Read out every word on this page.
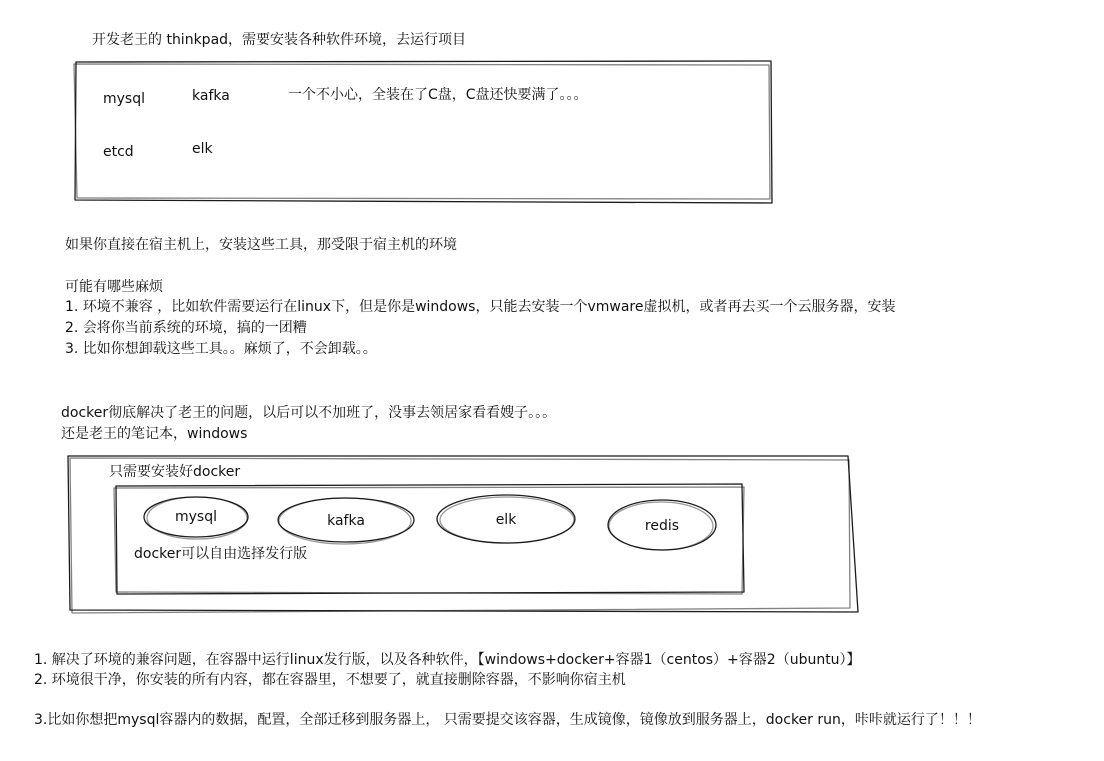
开发老王的 thinkpad，需要安装各种软件环境，去运行项目
mysql	kafka
etcd	elk
一个不小心，全装在了C盘，C盘还快要满了。。。
如果你直接在宿主机上，安装这些工具，那受限于宿主机的环境
可能有哪些麻烦
1. 环境不兼容 ，比如软件需要运行在linux下，但是你是windows，只能去安装一个vmware虚拟机，或者再去买一个云服务器，安装
2. 会将你当前系统的环境，搞的一团糟
3. 比如你想卸载这些工具。。麻烦了，不会卸载。。
docker彻底解决了老王的问题，以后可以不加班了，没事去领居家看看嫂子。。。
还是老王的笔记本，windows
只需要安装好docker
mysql	kafka	elk	redis
docker可以自由选择发行版
1. 解决了环境的兼容问题，在容器中运行linux发行版，以及各种软件，【windows+docker+容器1（centos）+容器2（ubuntu）】
2. 环境很干净，你安装的所有内容，都在容器里，不想要了，就直接删除容器，不影响你宿主机
3.比如你想把mysql容器内的数据，配置，全部迁移到服务器上， 只需要提交该容器，生成镜像，镜像放到服务器上，docker run，咔咔就运行了！！！
